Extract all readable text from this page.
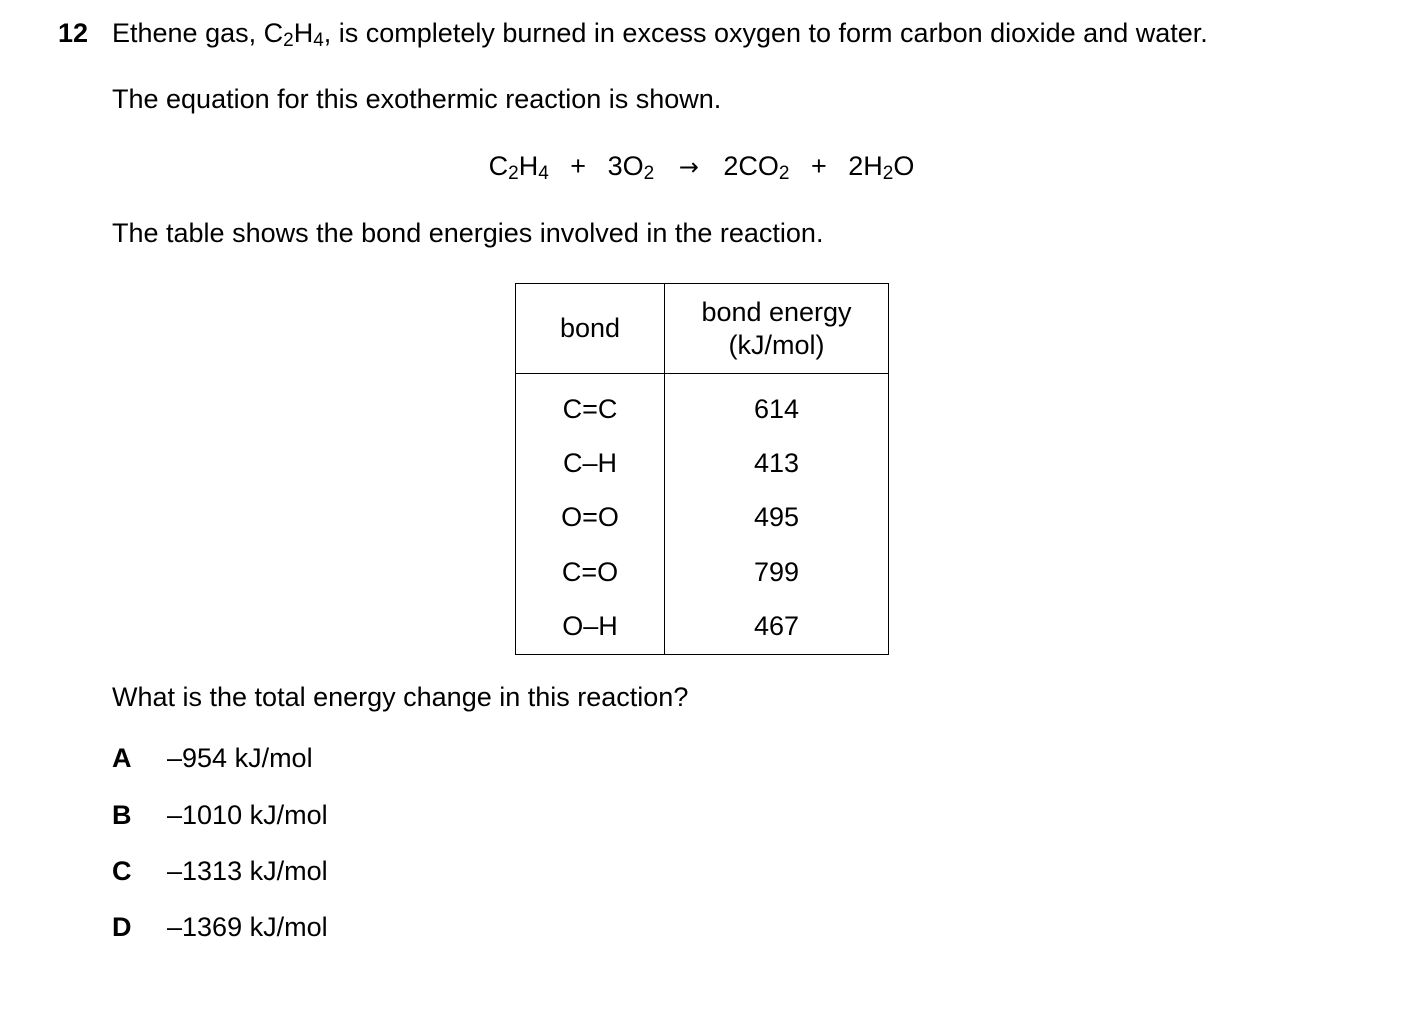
12 Ethene gas, $C_2H_4$, is completely burned in excess oxygen to form carbon dioxide and water.
The equation for this exothermic reaction is shown.
$C_2H_4 + 3O_2 \to 2CO_2 + 2H_2O$
The table shows the bond energies involved in the reaction.
bond	bond energy
(kJ/mol)
C=C	614
C–H	413
O=O	495
C=O	799
O–H	467
What is the total energy change in this reaction?
A –954 kJ/mol
B –1010 kJ/mol
C –1313 kJ/mol
D –1369 kJ/mol
